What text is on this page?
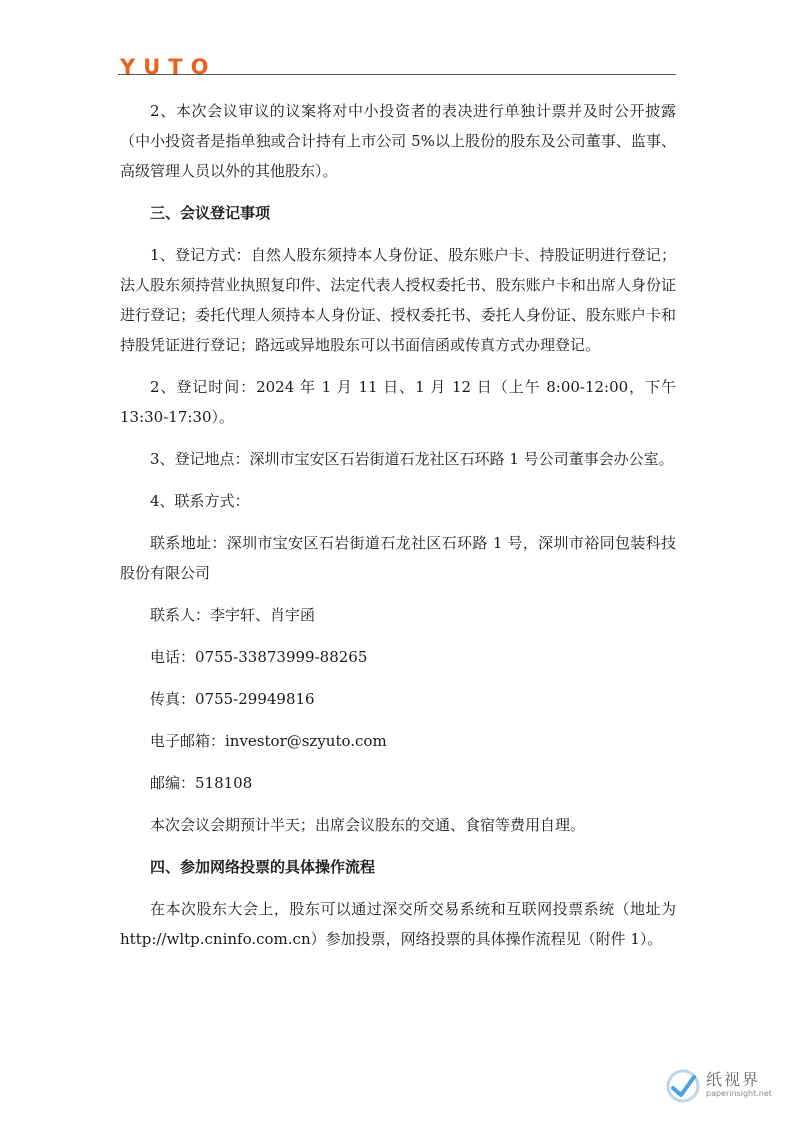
YUTO

2、本次会议审议的议案将对中小投资者的表决进行单独计票并及时公开披露（中小投资者是指单独或合计持有上市公司 5%以上股份的股东及公司董事、监事、高级管理人员以外的其他股东）。

三、会议登记事项

1、登记方式：自然人股东须持本人身份证、股东账户卡、持股证明进行登记；法人股东须持营业执照复印件、法定代表人授权委托书、股东账户卡和出席人身份证进行登记；委托代理人须持本人身份证、授权委托书、委托人身份证、股东账户卡和持股凭证进行登记；路远或异地股东可以书面信函或传真方式办理登记。

2、登记时间：2024 年 1 月 11 日、1 月 12 日（上午 8:00-12:00，下午 13:30-17:30）。

3、登记地点：深圳市宝安区石岩街道石龙社区石环路 1 号公司董事会办公室。

4、联系方式：

联系地址：深圳市宝安区石岩街道石龙社区石环路 1 号，深圳市裕同包装科技股份有限公司

联系人：李宇轩、肖宇函

电话：0755-33873999-88265

传真：0755-29949816

电子邮箱：investor@szyuto.com

邮编：518108

本次会议会期预计半天；出席会议股东的交通、食宿等费用自理。

四、参加网络投票的具体操作流程

在本次股东大会上，股东可以通过深交所交易系统和互联网投票系统（地址为 http://wltp.cninfo.com.cn）参加投票，网络投票的具体操作流程见（附件 1）。

纸视界
paperinsight.net
